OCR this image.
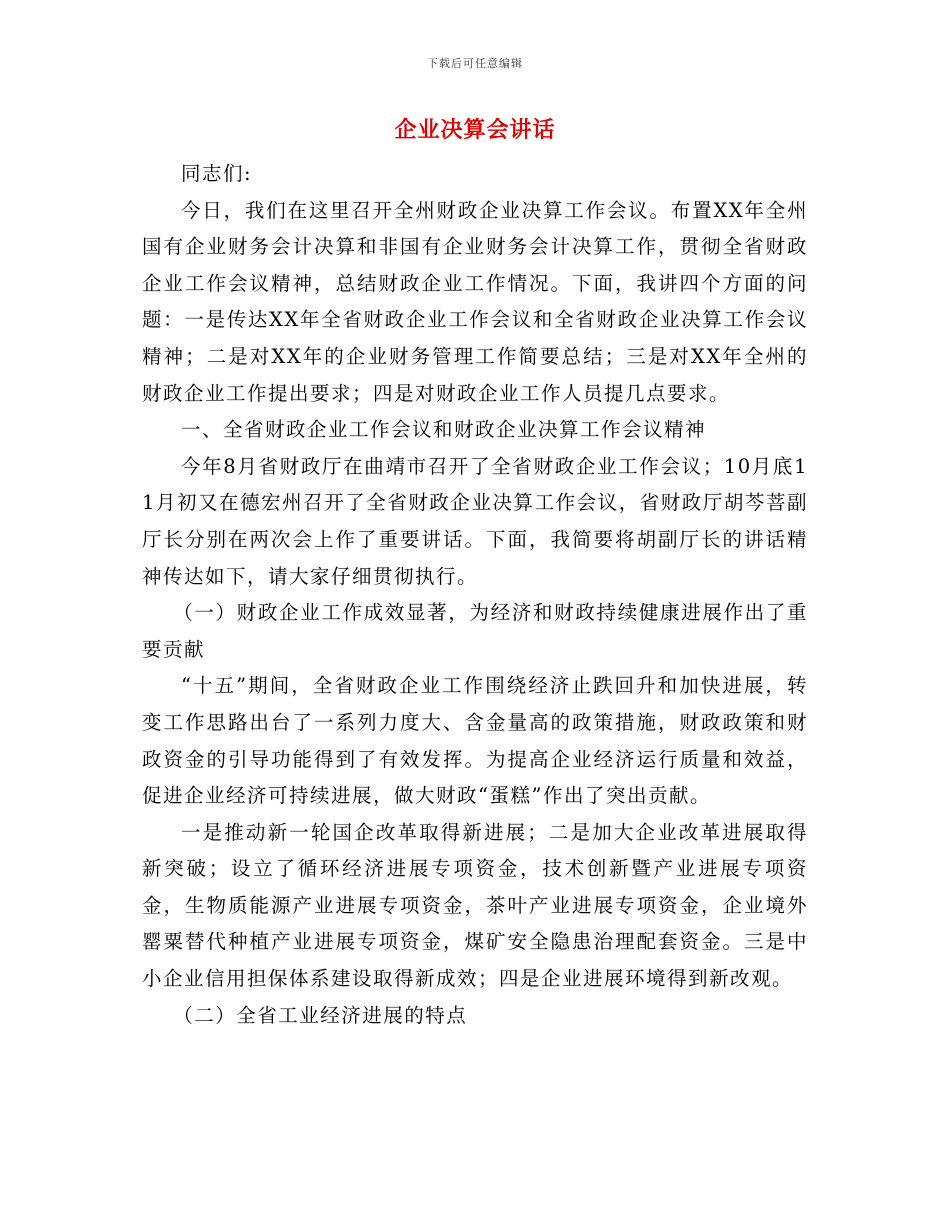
下载后可任意编辑
企业决算会讲话

同志们:

今日，我们在这里召开全州财政企业决算工作会议。布置XX年全州国有企业财务会计决算和非国有企业财务会计决算工作，贯彻全省财政企业工作会议精神，总结财政企业工作情况。下面，我讲四个方面的问题：一是传达XX年全省财政企业工作会议和全省财政企业决算工作会议精神；二是对XX年的企业财务管理工作简要总结；三是对XX年全州的财政企业工作提出要求；四是对财政企业工作人员提几点要求。

一、全省财政企业工作会议和财政企业决算工作会议精神

今年8月省财政厅在曲靖市召开了全省财政企业工作会议；10月底11月初又在德宏州召开了全省财政企业决算工作会议，省财政厅胡芩菩副厅长分别在两次会上作了重要讲话。下面，我简要将胡副厅长的讲话精神传达如下，请大家仔细贯彻执行。

（一）财政企业工作成效显著，为经济和财政持续健康进展作出了重要贡献

“十五”期间，全省财政企业工作围绕经济止跌回升和加快进展，转变工作思路出台了一系列力度大、含金量高的政策措施，财政政策和财政资金的引导功能得到了有效发挥。为提高企业经济运行质量和效益，促进企业经济可持续进展，做大财政“蛋糕”作出了突出贡献。

一是推动新一轮国企改革取得新进展；二是加大企业改革进展取得新突破；设立了循环经济进展专项资金，技术创新暨产业进展专项资金，生物质能源产业进展专项资金，茶叶产业进展专项资金，企业境外罂粟替代种植产业进展专项资金，煤矿安全隐患治理配套资金。三是中小企业信用担保体系建设取得新成效；四是企业进展环境得到新改观。

（二）全省工业经济进展的特点
